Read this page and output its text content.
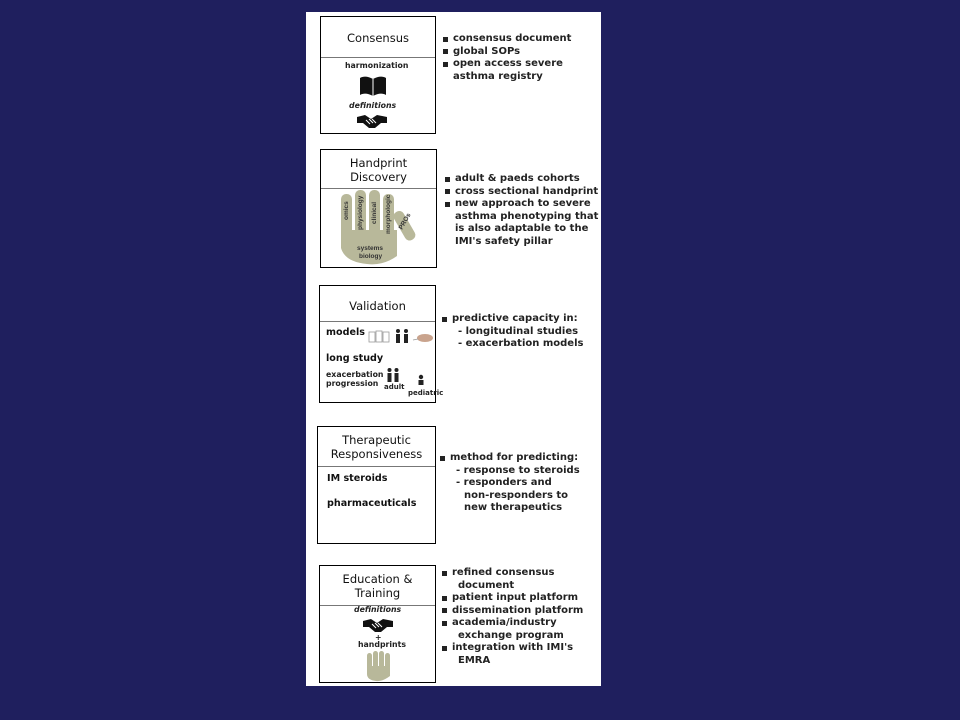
Consensus
harmonization
definitions
consensus document
global SOPs
open access severe
asthma registry
Handprint
Discovery
omics physiology clinical morphologic PROs
systems
biology
adult & paeds cohorts
cross sectional handprint
new approach to severe
asthma phenotyping that
is also adaptable to the
IMI's safety pillar
Validation
models
long study
exacerbation
progression adult
pediatric
predictive capacity in:
- longitudinal studies
- exacerbation models
Therapeutic
Responsiveness
IM steroids
pharmaceuticals
method for predicting:
- response to steroids
- responders and
non-responders to
new therapeutics
Education &
Training
definitions
+
handprints
refined consensus
document
patient input platform
dissemination platform
academia/industry
exchange program
integration with IMI's
EMRA
